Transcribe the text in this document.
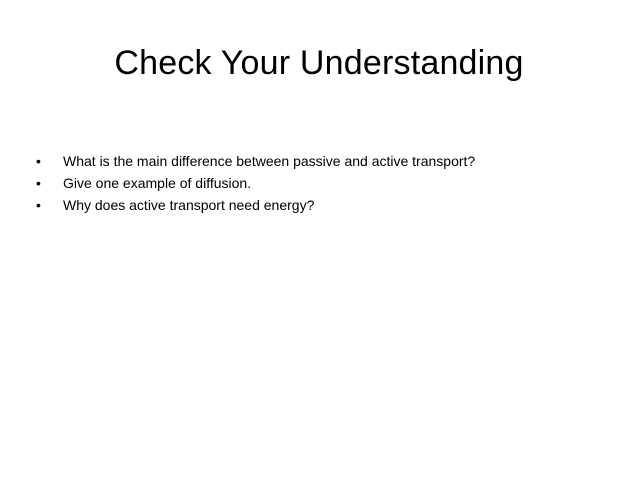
Check Your Understanding
• What is the main difference between passive and active transport?
• Give one example of diffusion.
• Why does active transport need energy?
